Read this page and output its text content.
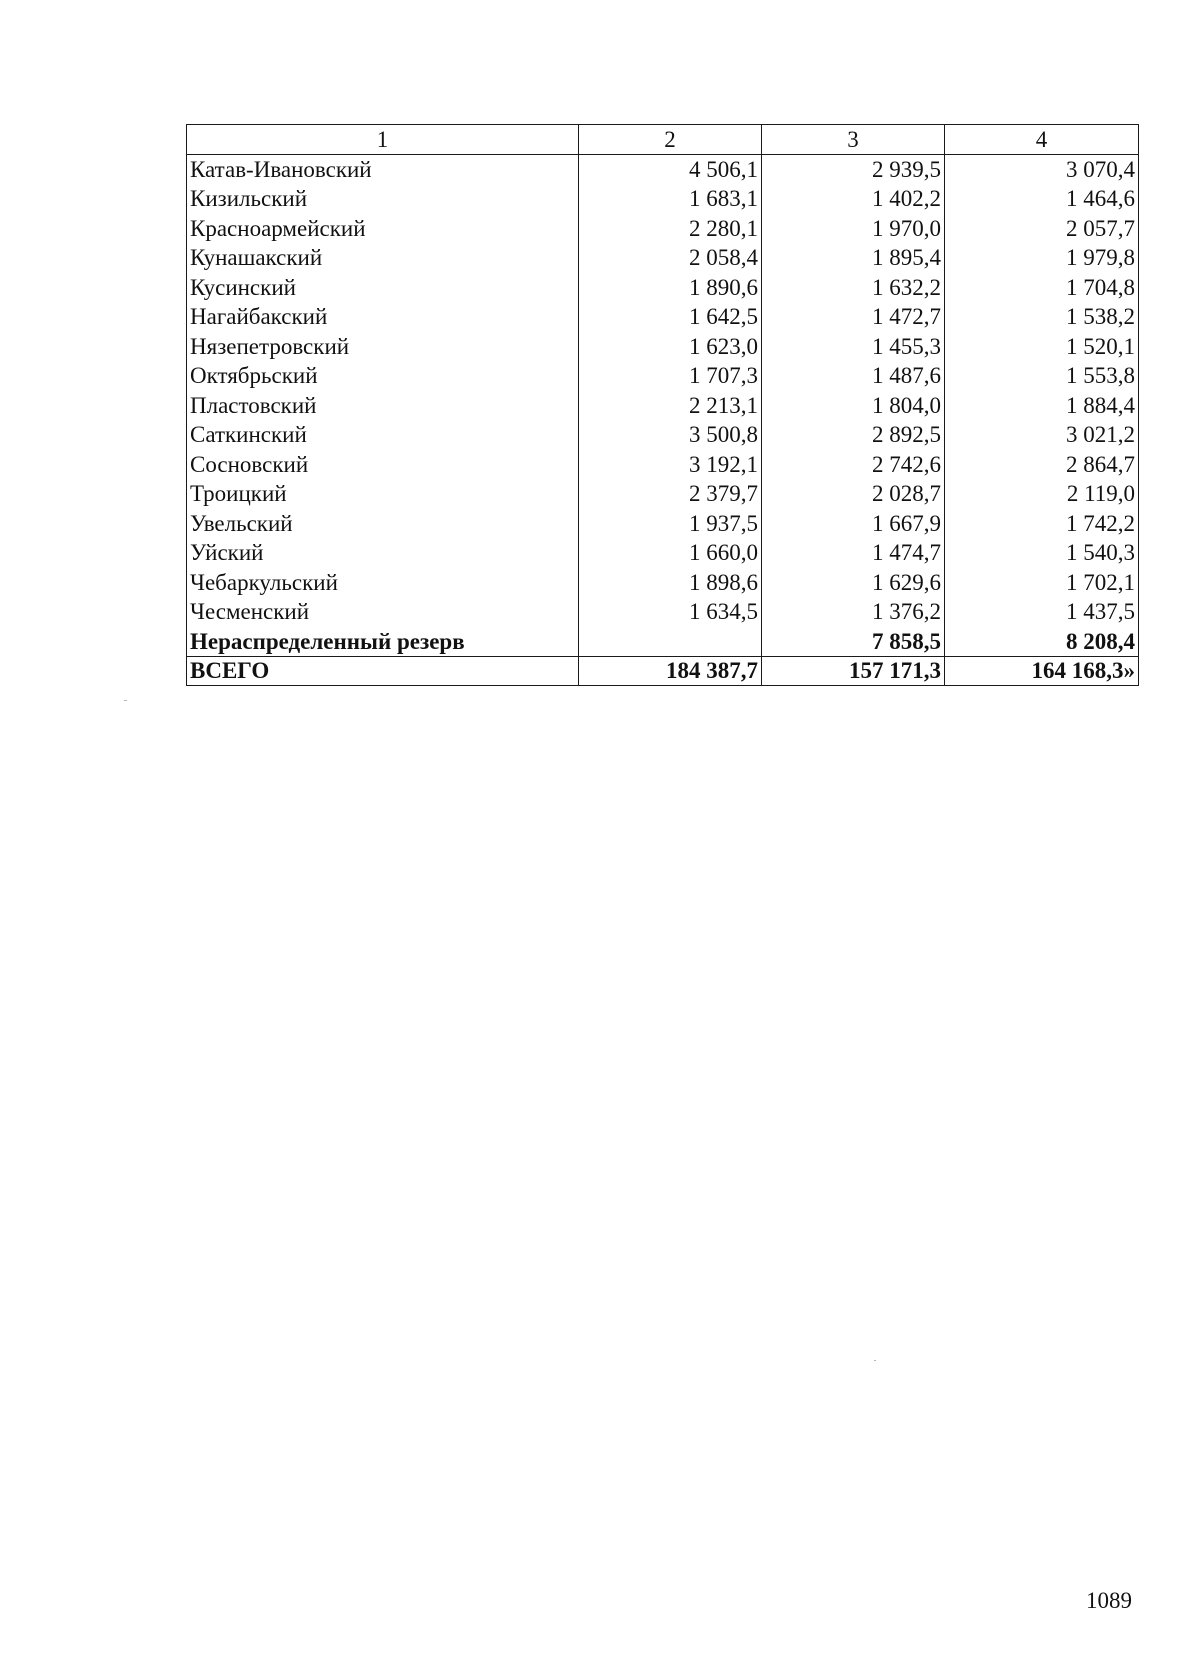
1	2	3	4
Катав-Ивановский	4 506,1	2 939,5	3 070,4
Кизильский	1 683,1	1 402,2	1 464,6
Красноармейский	2 280,1	1 970,0	2 057,7
Кунашакский	2 058,4	1 895,4	1 979,8
Кусинский	1 890,6	1 632,2	1 704,8
Нагайбакский	1 642,5	1 472,7	1 538,2
Нязепетровский	1 623,0	1 455,3	1 520,1
Октябрьский	1 707,3	1 487,6	1 553,8
Пластовский	2 213,1	1 804,0	1 884,4
Саткинский	3 500,8	2 892,5	3 021,2
Сосновский	3 192,1	2 742,6	2 864,7
Троицкий	2 379,7	2 028,7	2 119,0
Увельский	1 937,5	1 667,9	1 742,2
Уйский	1 660,0	1 474,7	1 540,3
Чебаркульский	1 898,6	1 629,6	1 702,1
Чесменский	1 634,5	1 376,2	1 437,5
Нераспределенный резерв		7 858,5	8 208,4
ВСЕГО	184 387,7	157 171,3	164 168,3»
1089
